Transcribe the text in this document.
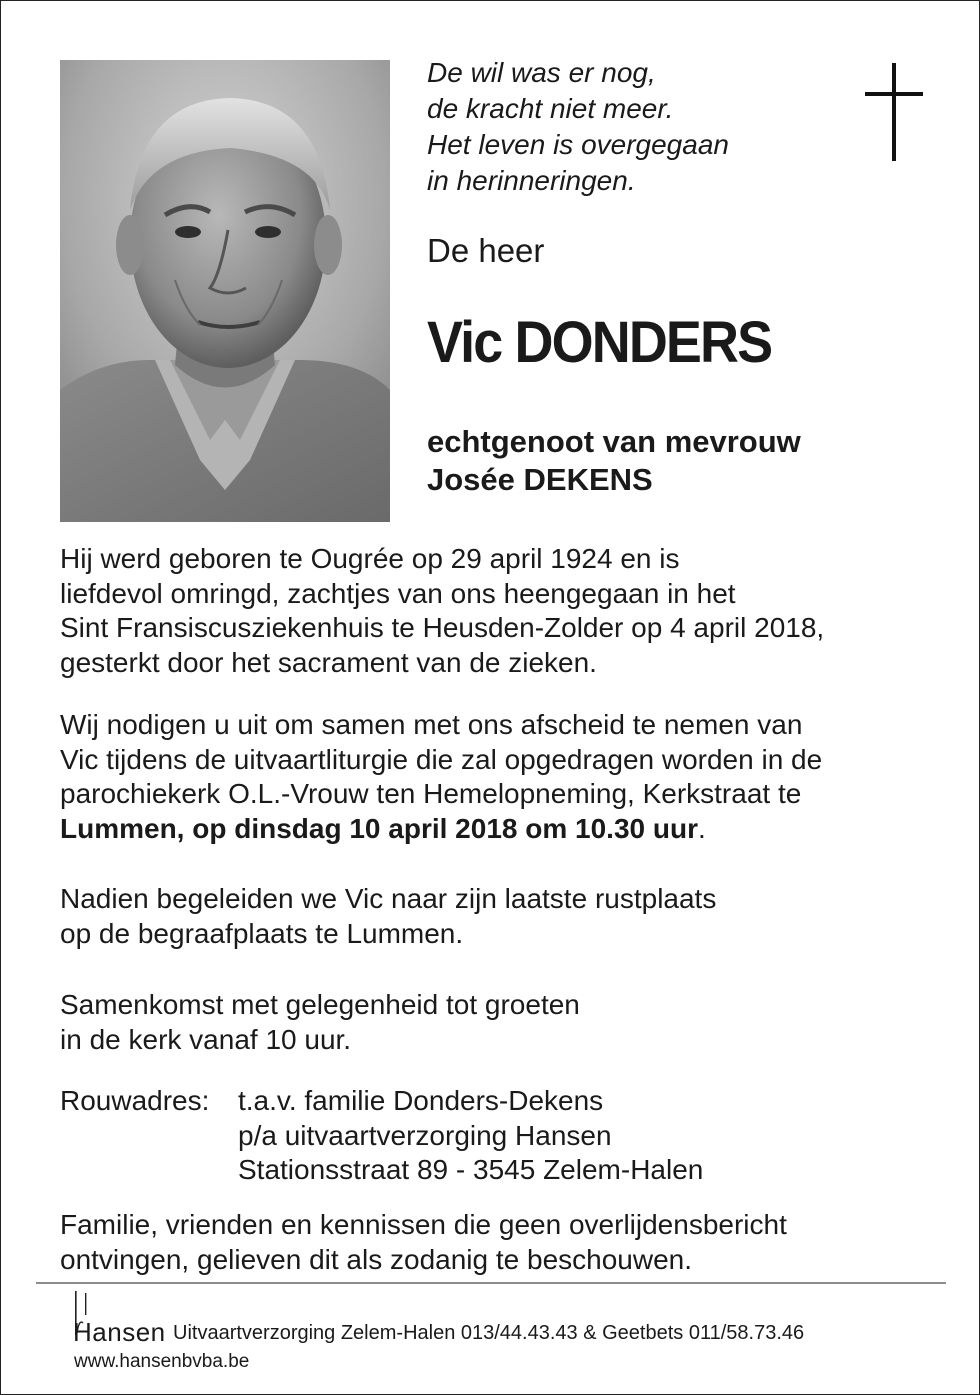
De wil was er nog,
de kracht niet meer.
Het leven is overgegaan
in herinneringen.
De heer
Vic DONDERS
echtgenoot van mevrouw
Josée DEKENS
Hij werd geboren te Ougrée op 29 april 1924 en is
liefdevol omringd, zachtjes van ons heengegaan in het
Sint Fransiscusziekenhuis te Heusden-Zolder op 4 april 2018,
gesterkt door het sacrament van de zieken.
Wij nodigen u uit om samen met ons afscheid te nemen van
Vic tijdens de uitvaartliturgie die zal opgedragen worden in de
parochiekerk O.L.-Vrouw ten Hemelopneming, Kerkstraat te
Lummen, op dinsdag 10 april 2018 om 10.30 uur.
Nadien begeleiden we Vic naar zijn laatste rustplaats
op de begraafplaats te Lummen.
Samenkomst met gelegenheid tot groeten
in de kerk vanaf 10 uur.
Rouwadres:	t.a.v. familie Donders-Dekens
p/a uitvaartverzorging Hansen
Stationsstraat 89 - 3545 Zelem-Halen
Familie, vrienden en kennissen die geen overlijdensbericht
ontvingen, gelieven dit als zodanig te beschouwen.
Hansen Uitvaartverzorging Zelem-Halen 013/44.43.43 & Geetbets 011/58.73.46
www.hansenbvba.be
